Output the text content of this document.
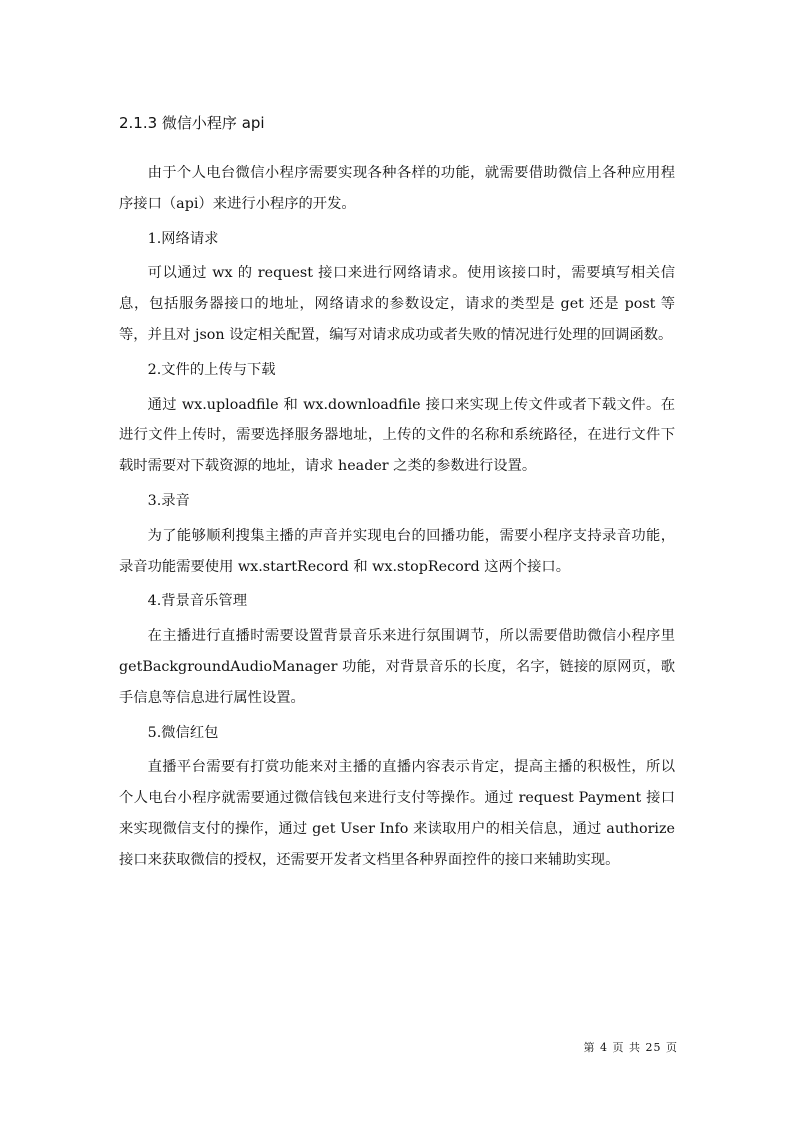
2.1.3 微信小程序 api

由于个人电台微信小程序需要实现各种各样的功能，就需要借助微信上各种应用程序接口（api）来进行小程序的开发。

1.网络请求

可以通过 wx 的 request 接口来进行网络请求。使用该接口时，需要填写相关信息，包括服务器接口的地址，网络请求的参数设定，请求的类型是 get 还是 post 等等，并且对 json 设定相关配置，编写对请求成功或者失败的情况进行处理的回调函数。

2.文件的上传与下载

通过 wx.uploadfile 和 wx.downloadfile 接口来实现上传文件或者下载文件。在进行文件上传时，需要选择服务器地址，上传的文件的名称和系统路径，在进行文件下载时需要对下载资源的地址，请求 header 之类的参数进行设置。

3.录音

为了能够顺利搜集主播的声音并实现电台的回播功能，需要小程序支持录音功能，录音功能需要使用 wx.startRecord 和 wx.stopRecord 这两个接口。

4.背景音乐管理

在主播进行直播时需要设置背景音乐来进行氛围调节，所以需要借助微信小程序里 getBackgroundAudioManager 功能，对背景音乐的长度，名字，链接的原网页，歌手信息等信息进行属性设置。

5.微信红包

直播平台需要有打赏功能来对主播的直播内容表示肯定，提高主播的积极性，所以个人电台小程序就需要通过微信钱包来进行支付等操作。通过 request Payment 接口来实现微信支付的操作，通过 get User Info 来读取用户的相关信息，通过 authorize 接口来获取微信的授权，还需要开发者文档里各种界面控件的接口来辅助实现。

第 4 页 共 25 页
